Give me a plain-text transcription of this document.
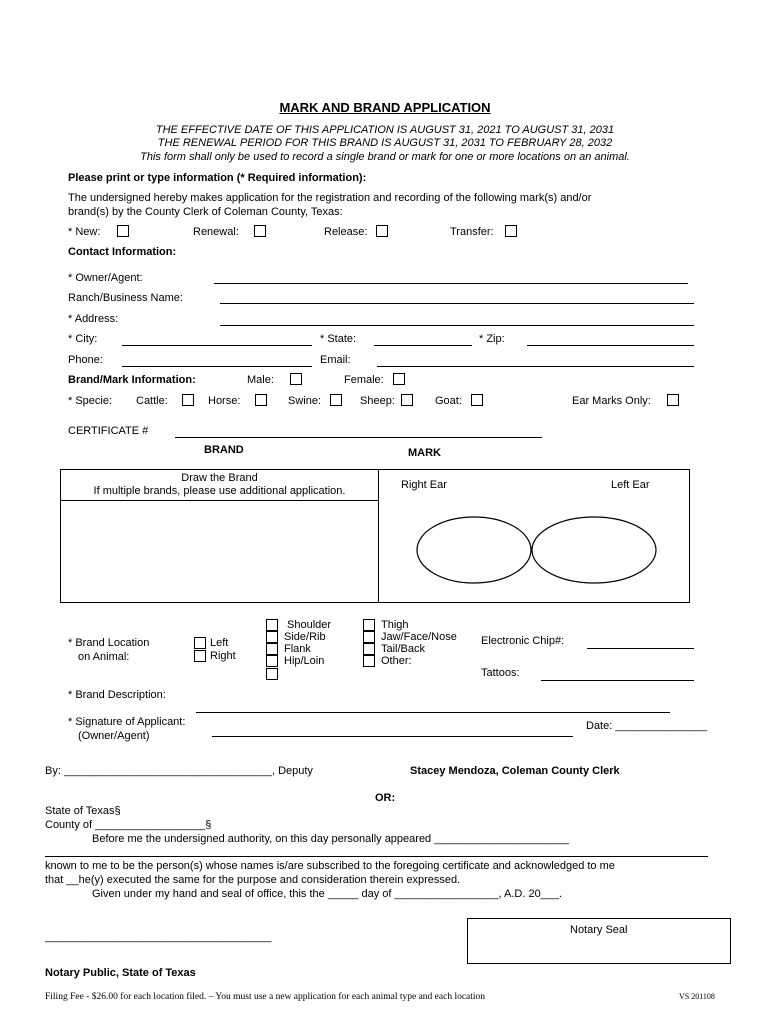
MARK AND BRAND APPLICATION
THE EFFECTIVE DATE OF THIS APPLICATION IS AUGUST 31, 2021 TO AUGUST 31, 2031
THE RENEWAL PERIOD FOR THIS BRAND IS AUGUST 31, 2031 TO FEBRUARY 28, 2032
This form shall only be used to record a single brand or mark for one or more locations on an animal.
Please print or type information (* Required information):
The undersigned hereby makes application for the registration and recording of the following mark(s) and/or
brand(s) by the County Clerk of Coleman County, Texas:
* New:	Renewal:	Release:	Transfer:
Contact Information:
* Owner/Agent:
Ranch/Business Name:
* Address:
* City:	* State:	* Zip:
Phone:	Email:
Brand/Mark Information:	Male:	Female:
* Specie: Cattle:	Horse:	Swine:	Sheep:	Goat:	Ear Marks Only:
CERTIFICATE #
BRAND	MARK
Draw the Brand
If multiple brands, please use additional application.	Right Ear	Left Ear
* Brand Location
on Animal:
Left
Right
Shoulder
Side/Rib
Flank
Hip/Loin
Thigh
Jaw/Face/Nose
Tail/Back
Other:
Electronic Chip#:
Tattoos:
* Brand Description:
* Signature of Applicant:
(Owner/Agent)
Date: _______________
By: __________________________________, Deputy	Stacey Mendoza, Coleman County Clerk
OR:
State of Texas§
County of __________________§
Before me the undersigned authority, on this day personally appeared ______________________
known to me to be the person(s) whose names is/are subscribed to the foregoing certificate and acknowledged to me
that __he(y) executed the same for the purpose and consideration therein expressed.
Given under my hand and seal of office, this the _____ day of _________________, A.D. 20___.
_____________________________________
Notary Seal
Notary Public, State of Texas
Filing Fee - $26.00 for each location filed. – You must use a new application for each animal type and each location	VS 201108
